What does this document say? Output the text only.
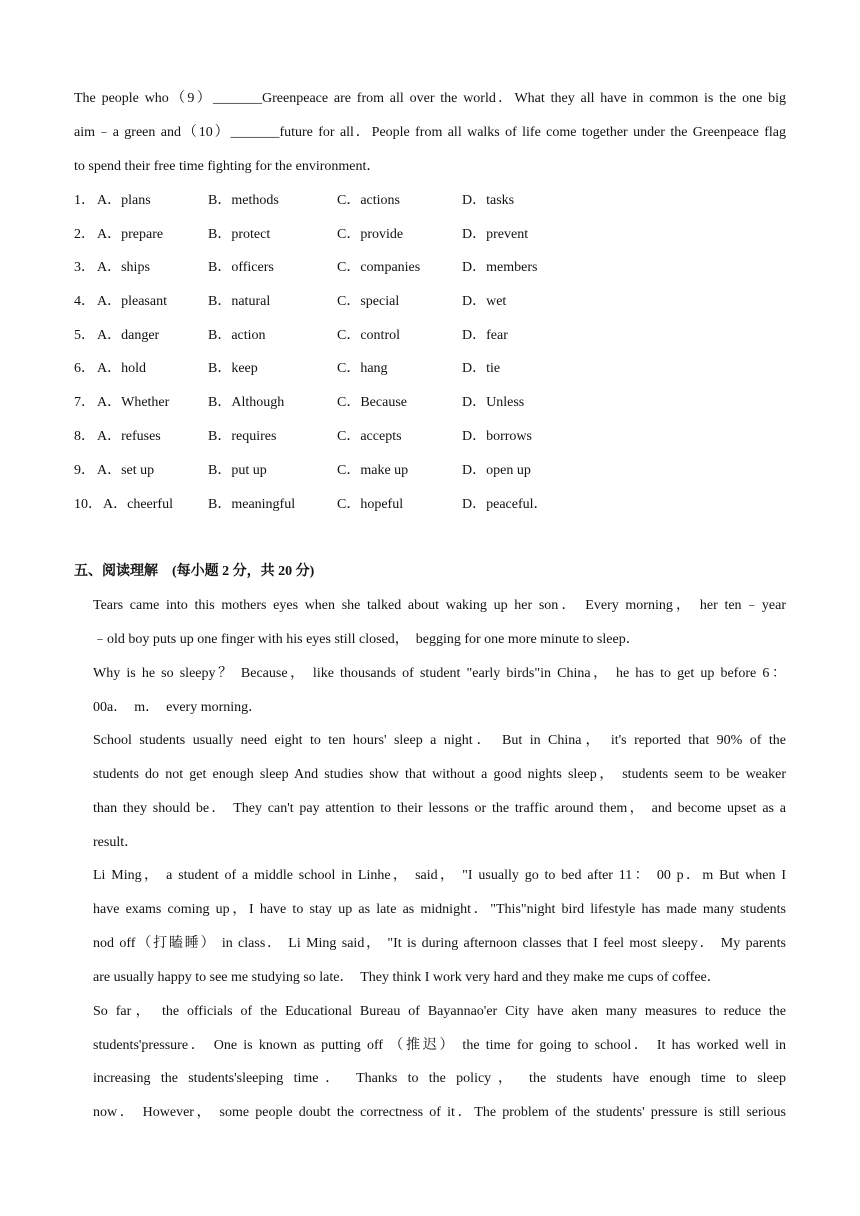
The people who（9）_______Greenpeace are from all over the world．What they all have in common is the one big
aim﹣a green and（10）_______future for all．People from all walks of life come together under the Greenpeace flag
to spend their free time fighting for the environment．
1． A．plans	B．methods	C．actions	D．tasks
2． A．prepare	B．protect	C．provide	D．prevent
3． A．ships	B．officers	C．companies	D．members
4． A．pleasant	B．natural	C．special	D．wet
5． A．danger	B．action	C．control	D．fear
6． A．hold	B．keep	C．hang	D．tie
7． A．Whether	B．Although	C．Because	D．Unless
8． A．refuses	B．requires	C．accepts	D．borrows
9． A．set up	B．put up	C．make up	D．open up
10． A．cheerful	B．meaningful	C．hopeful	D．peaceful．
五、阅读理解 (每小题 2 分，共 20 分)
Tears came into this mothers eyes when she talked about waking up her son． Every morning， her ten﹣year
﹣old boy puts up one finger with his eyes still closed，  begging for one more minute to sleep．
Why is he so sleepy？ Because， like thousands of student "early birds"in China， he has to get up before 6：
00a．  m．  every morning．
School students usually need eight to ten hours' sleep a night． But in China， it's reported that 90% of the
students do not get enough sleep And studies show that without a good nights sleep， students seem to be weaker
than they should be． They can't pay attention to their lessons or the traffic around them， and become upset as a
result．
Li Ming， a student of a middle school in Linhe， said， "I usually go to bed after 11： 00 p．m But when I
have exams coming up，I have to stay up as late as midnight．"This"night bird lifestyle has made many students
nod off（打瞌睡） in class． Li Ming said， "It is during afternoon classes that I feel most sleepy． My parents
are usually happy to see me studying so late．  They think I work very hard and they make me cups of coffee．
So far， the officials of the Educational Bureau of Bayannao'er City have aken many measures to reduce the
students'pressure． One is known as putting off （推迟） the time for going to school． It has worked well in
increasing the students'sleeping time． Thanks to the policy， the students have enough time to sleep
now． However， some people doubt the correctness of it．The problem of the students' pressure is still serious
